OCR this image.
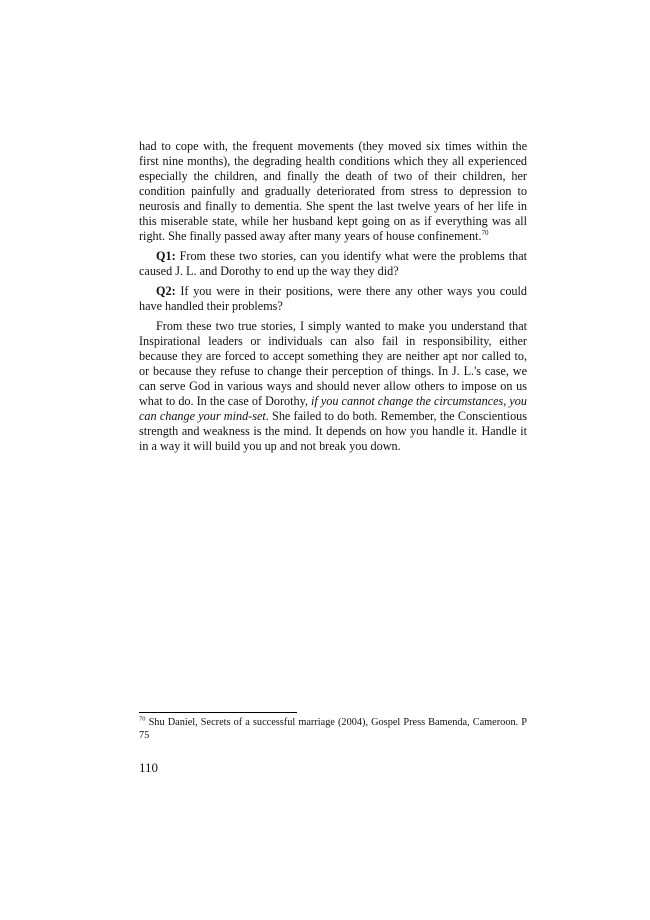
had to cope with, the frequent movements (they moved six times within the first nine months), the degrading health conditions which they all experienced especially the children, and finally the death of two of their children, her condition painfully and gradually deteriorated from stress to depression to neurosis and finally to dementia. She spent the last twelve years of her life in this miserable state, while her husband kept going on as if everything was all right. She finally passed away after many years of house confinement.$^{70}$

Q1: From these two stories, can you identify what were the problems that caused J. L. and Dorothy to end up the way they did?

Q2: If you were in their positions, were there any other ways you could have handled their problems?

From these two true stories, I simply wanted to make you understand that Inspirational leaders or individuals can also fail in responsibility, either because they are forced to accept something they are neither apt nor called to, or because they refuse to change their perception of things. In J. L.'s case, we can serve God in various ways and should never allow others to impose on us what to do. In the case of Dorothy, if you cannot change the circumstances, you can change your mind-set. She failed to do both. Remember, the Conscientious strength and weakness is the mind. It depends on how you handle it. Handle it in a way it will build you up and not break you down.

$^{70}$ Shu Daniel, Secrets of a successful marriage (2004), Gospel Press Bamenda, Cameroon. P 75
110
